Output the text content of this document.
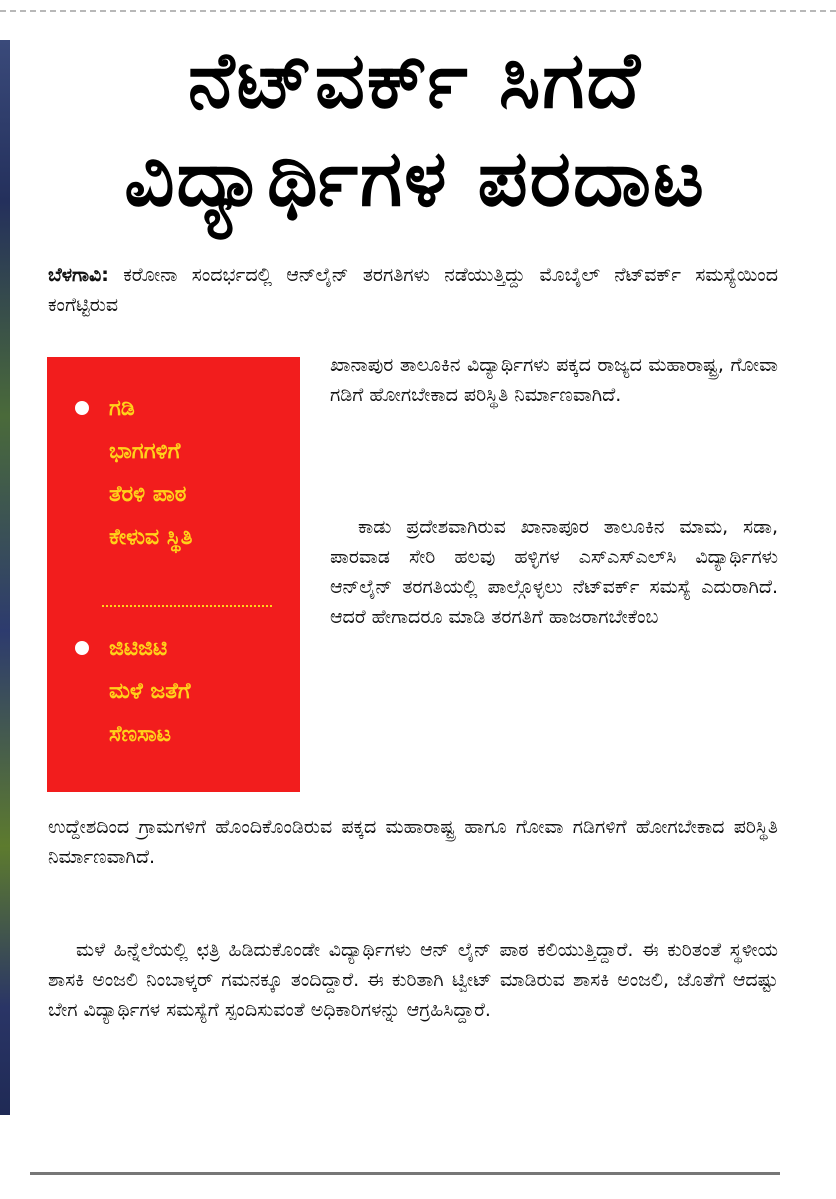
ನೆಟ್‌ವರ್ಕ್ ಸಿಗದೆ
ವಿದ್ಯಾರ್ಥಿಗಳ ಪರದಾಟ

ಬೆಳಗಾವಿ: ಕರೋನಾ ಸಂದರ್ಭದಲ್ಲಿ ಆನ್‌ಲೈನ್ ತರಗತಿಗಳು ನಡೆಯುತ್ತಿದ್ದು ಮೊಬೈಲ್ ನೆಟ್‌ವರ್ಕ್ ಸಮಸ್ಯೆಯಿಂದ ಕಂಗೆಟ್ಟಿರುವ

ಗಡಿ
ಭಾಗಗಳಿಗೆ
ತೆರಳಿ ಪಾಠ
ಕೇಳುವ ಸ್ಥಿತಿ
ಜಿಟಿಜಿಟಿ
ಮಳೆ ಜತೆಗೆ
ಸೆಣಸಾಟ

ಖಾನಾಪುರ ತಾಲೂಕಿನ ವಿದ್ಯಾರ್ಥಿಗಳು ಪಕ್ಕದ ರಾಜ್ಯದ ಮಹಾರಾಷ್ಟ್ರ, ಗೋವಾ ಗಡಿಗೆ ಹೋಗಬೇಕಾದ ಪರಿಸ್ಥಿತಿ ನಿರ್ಮಾಣವಾಗಿದೆ.

ಕಾಡು ಪ್ರದೇಶವಾಗಿರುವ ಖಾನಾಪೂರ ತಾಲೂಕಿನ ಮಾಮ, ಸಡಾ, ಪಾರವಾಡ ಸೇರಿ ಹಲವು ಹಳ್ಳಿಗಳ ಎಸ್‌ಎಸ್‌ಎಲ್‌ಸಿ ವಿದ್ಯಾರ್ಥಿಗಳು ಆನ್‌ಲೈನ್ ತರಗತಿಯಲ್ಲಿ ಪಾಲ್ಗೊಳ್ಳಲು ನೆಟ್‌ವರ್ಕ್ ಸಮಸ್ಯೆ ಎದುರಾಗಿದೆ. ಆದರೆ ಹೇಗಾದರೂ ಮಾಡಿ ತರಗತಿಗೆ ಹಾಜರಾಗಬೇಕೆಂಬ

ಉದ್ದೇಶದಿಂದ ಗ್ರಾಮಗಳಿಗೆ ಹೊಂದಿಕೊಂಡಿರುವ ಪಕ್ಕದ ಮಹಾರಾಷ್ಟ್ರ ಹಾಗೂ ಗೋವಾ ಗಡಿಗಳಿಗೆ ಹೋಗಬೇಕಾದ ಪರಿಸ್ಥಿತಿ ನಿರ್ಮಾಣವಾಗಿದೆ.

ಮಳೆ ಹಿನ್ನೆಲೆಯಲ್ಲಿ ಛತ್ರಿ ಹಿಡಿದುಕೊಂಡೇ ವಿದ್ಯಾರ್ಥಿಗಳು ಆನ್ ಲೈನ್ ಪಾಠ ಕಲಿಯುತ್ತಿದ್ದಾರೆ. ಈ ಕುರಿತಂತೆ ಸ್ಥಳೀಯ ಶಾಸಕಿ ಅಂಜಲಿ ನಿಂಬಾಳ್ಕರ್ ಗಮನಕ್ಕೂ ತಂದಿದ್ದಾರೆ. ಈ ಕುರಿತಾಗಿ ಟ್ವೀಟ್ ಮಾಡಿರುವ ಶಾಸಕಿ ಅಂಜಲಿ, ಜೊತೆಗೆ ಆದಷ್ಟು ಬೇಗ ವಿದ್ಯಾರ್ಥಿಗಳ ಸಮಸ್ಯೆಗೆ ಸ್ಪಂದಿಸುವಂತೆ ಅಧಿಕಾರಿಗಳನ್ನು ಆಗ್ರಹಿಸಿದ್ದಾರೆ.
